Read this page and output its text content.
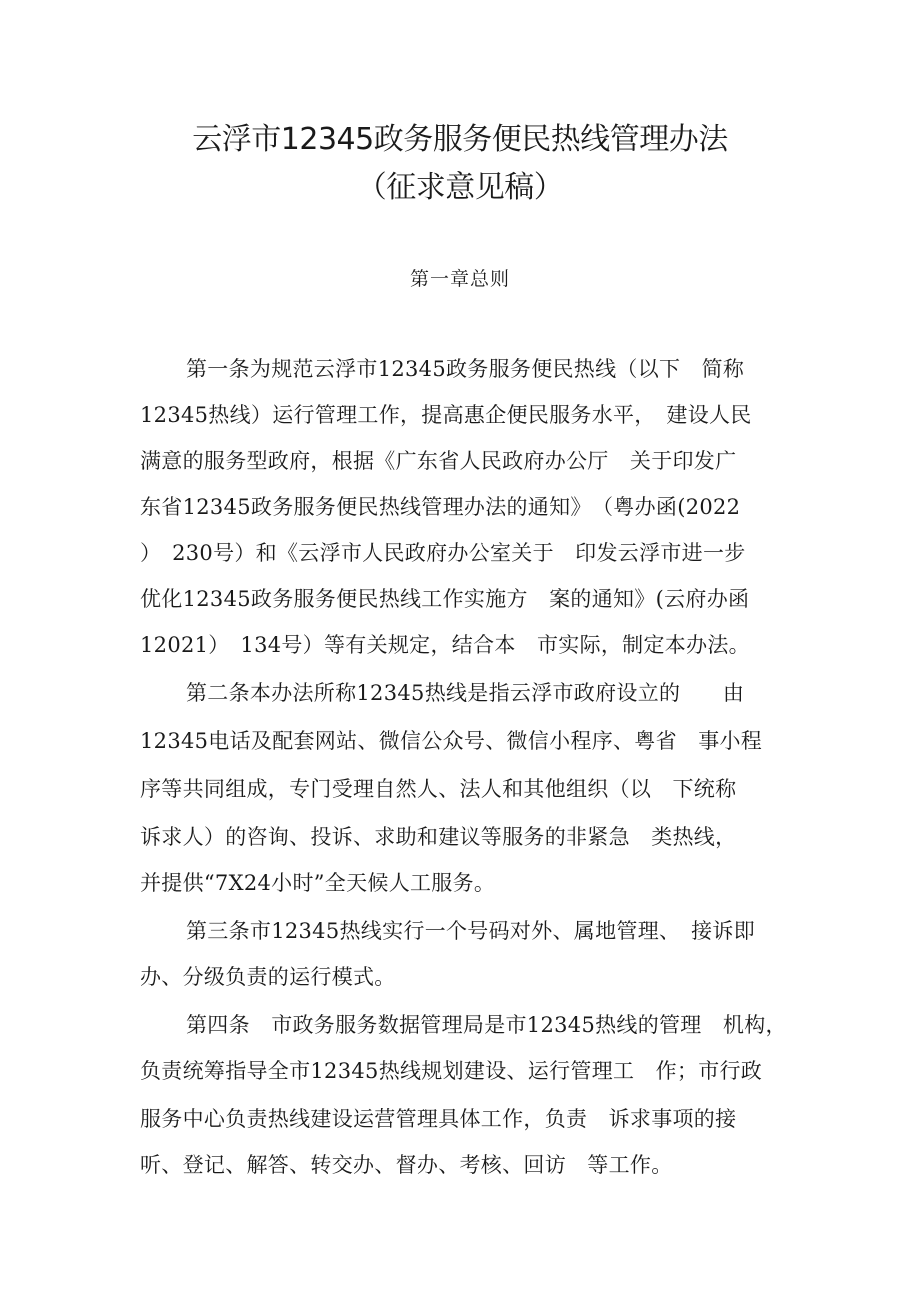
云浮市12345政务服务便民热线管理办法
（征求意见稿）
第一章总则
第一条为规范云浮市12345政务服务便民热线（以下　简称
12345热线）运行管理工作，提高惠企便民服务水平，　建设人民
满意的服务型政府，根据《广东省人民政府办公厅　关于印发广
东省12345政务服务便民热线管理办法的通知》　（粤办函(2022
）　230号）和《云浮市人民政府办公室关于　印发云浮市进一步
优化12345政务服务便民热线工作实施方　案的通知》(云府办函
12021）　134号）等有关规定，结合本　市实际，制定本办法。
第二条本办法所称12345热线是指云浮市政府设立的　　由
12345电话及配套网站、微信公众号、微信小程序、粤省　事小程
序等共同组成，专门受理自然人、法人和其他组织（以　下统称
诉求人）的咨询、投诉、求助和建议等服务的非紧急　类热线，
并提供“7X24小时”全天候人工服务。
第三条市12345热线实行一个号码对外、属地管理、　接诉即
办、分级负责的运行模式。
第四条　市政务服务数据管理局是市12345热线的管理　机构，
负责统筹指导全市12345热线规划建设、运行管理工　作；市行政
服务中心负责热线建设运营管理具体工作，负责　诉求事项的接
听、登记、解答、转交办、督办、考核、回访　等工作。
